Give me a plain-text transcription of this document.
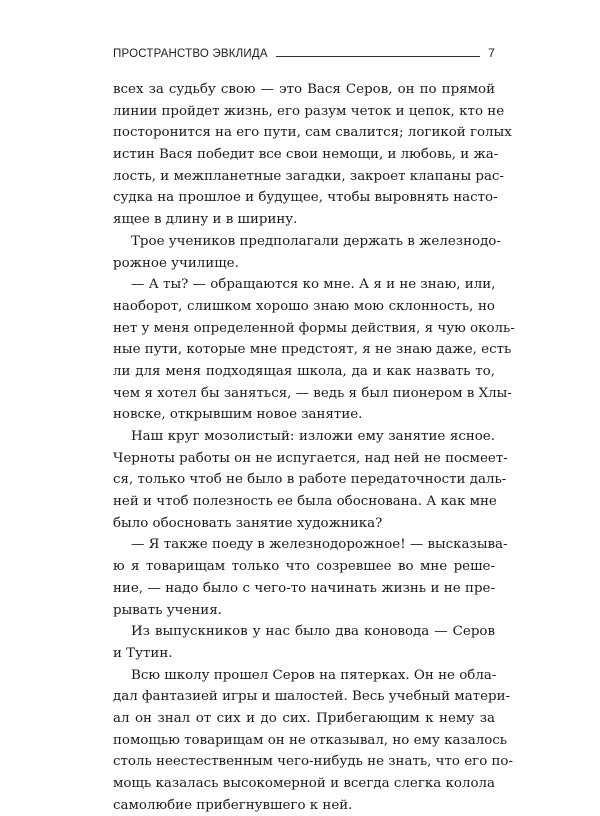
ПРОСТРАНСТВО ЭВКЛИДА	7
всех за судьбу свою — это Вася Серов, он по прямой
линии пройдет жизнь, его разум четок и цепок, кто не
посторонится на его пути, сам свалится; логикой голых
истин Вася победит все свои немощи, и любовь, и жа-
лость, и межпланетные загадки, закроет клапаны рас-
судка на прошлое и будущее, чтобы выровнять насто-
ящее в длину и в ширину.
Трое учеников предполагали держать в железнодо-
рожное училище.
— А ты? — обращаются ко мне. А я и не знаю, или,
наоборот, слишком хорошо знаю мою склонность, но
нет у меня определенной формы действия, я чую околь-
ные пути, которые мне предстоят, я не знаю даже, есть
ли для меня подходящая школа, да и как назвать то,
чем я хотел бы заняться, — ведь я был пионером в Хлы-
новске, открывшим новое занятие.
Наш круг мозолистый: изложи ему занятие ясное.
Черноты работы он не испугается, над ней не посмеет-
ся, только чтоб не было в работе передаточности даль-
ней и чтоб полезность ее была обоснована. А как мне
было обосновать занятие художника?
— Я также поеду в железнодорожное! — высказыва-
ю я товарищам только что созревшее во мне реше-
ние, — надо было с чего-то начинать жизнь и не пре-
рывать учения.
Из выпускников у нас было два коновода — Серов
и Тутин.
Всю школу прошел Серов на пятерках. Он не обла-
дал фантазией игры и шалостей. Весь учебный матери-
ал он знал от сих и до сих. Прибегающим к нему за
помощью товарищам он не отказывал, но ему казалось
столь неестественным чего-нибудь не знать, что его по-
мощь казалась высокомерной и всегда слегка колола
самолюбие прибегнувшего к ней.
